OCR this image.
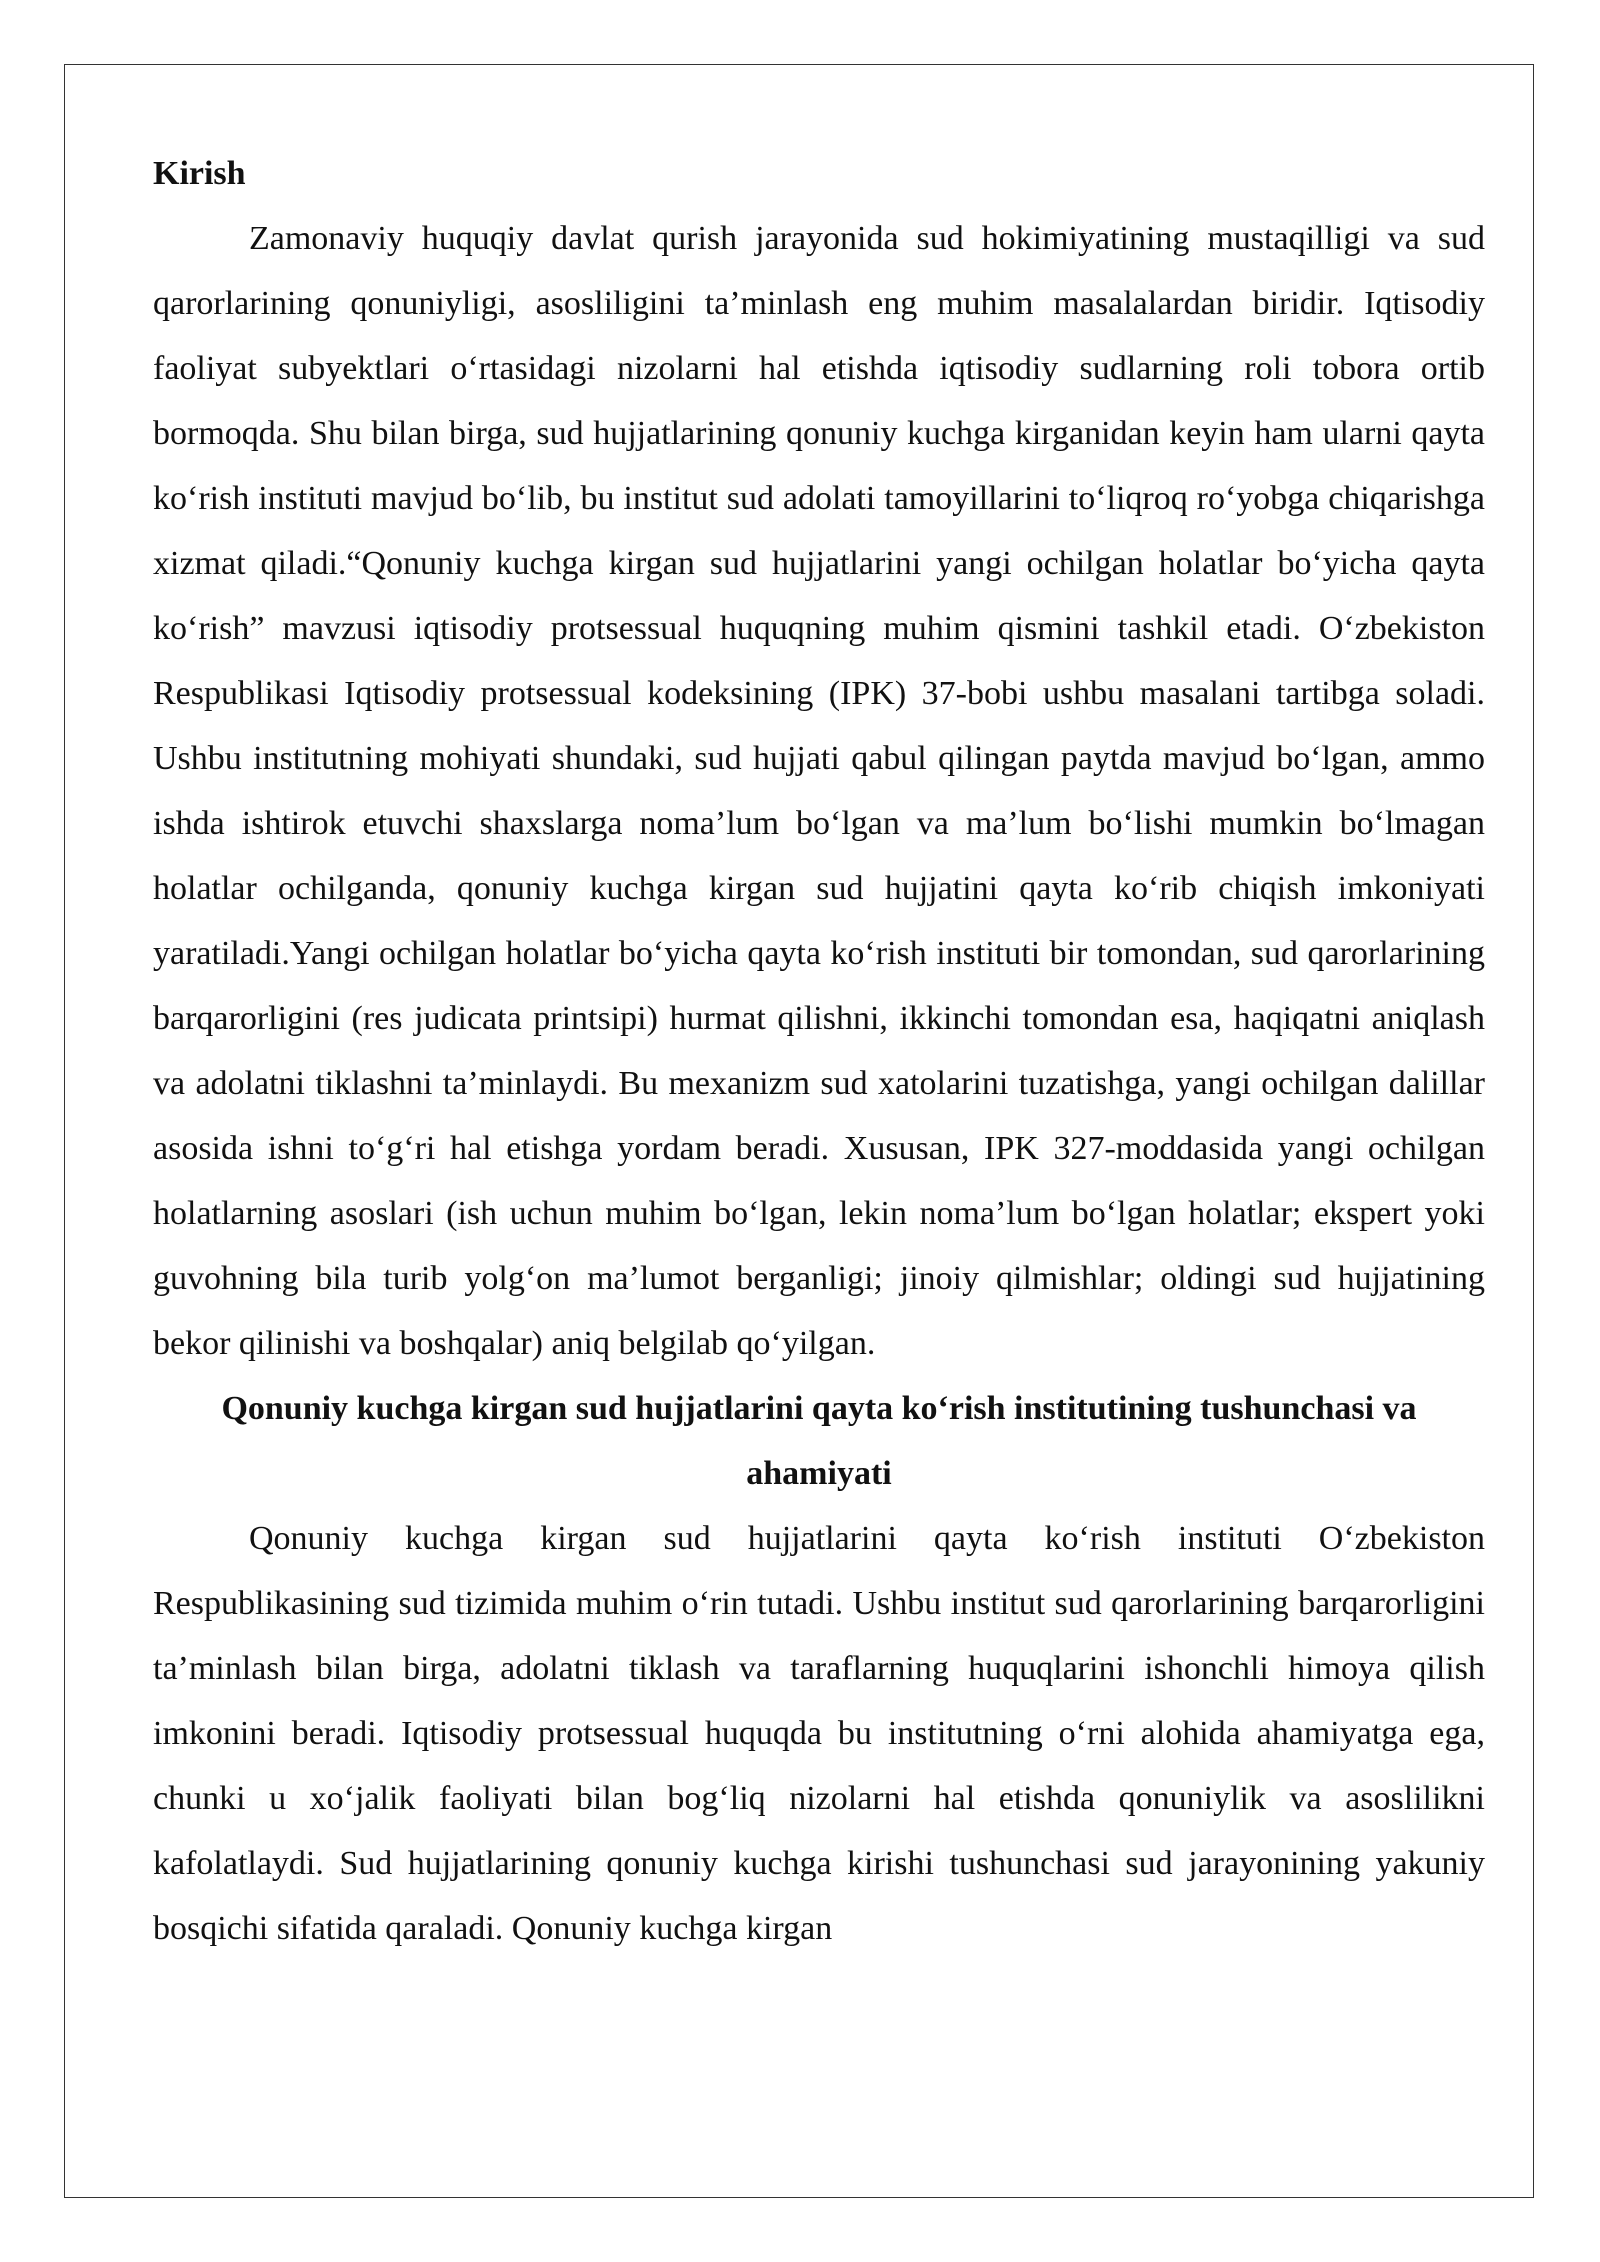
Kirish

Zamonaviy huquqiy davlat qurish jarayonida sud hokimiyatining mustaqilligi va sud qarorlarining qonuniyligi, asosliligini ta’minlash eng muhim masalalardan biridir. Iqtisodiy faoliyat subyektlari o‘rtasidagi nizolarni hal etishda iqtisodiy sudlarning roli tobora ortib bormoqda. Shu bilan birga, sud hujjatlarining qonuniy kuchga kirganidan keyin ham ularni qayta ko‘rish instituti mavjud bo‘lib, bu institut sud adolati tamoyillarini to‘liqroq ro‘yobga chiqarishga xizmat qiladi.“Qonuniy kuchga kirgan sud hujjatlarini yangi ochilgan holatlar bo‘yicha qayta ko‘rish” mavzusi iqtisodiy protsessual huquqning muhim qismini tashkil etadi. O‘zbekiston Respublikasi Iqtisodiy protsessual kodeksining (IPK) 37-bobi ushbu masalani tartibga soladi. Ushbu institutning mohiyati shundaki, sud hujjati qabul qilingan paytda mavjud bo‘lgan, ammo ishda ishtirok etuvchi shaxslarga noma’lum bo‘lgan va ma’lum bo‘lishi mumkin bo‘lmagan holatlar ochilganda, qonuniy kuchga kirgan sud hujjatini qayta ko‘rib chiqish imkoniyati yaratiladi.Yangi ochilgan holatlar bo‘yicha qayta ko‘rish instituti bir tomondan, sud qarorlarining barqarorligini (res judicata printsipi) hurmat qilishni, ikkinchi tomondan esa, haqiqatni aniqlash va adolatni tiklashni ta’minlaydi. Bu mexanizm sud xatolarini tuzatishga, yangi ochilgan dalillar asosida ishni to‘g‘ri hal etishga yordam beradi. Xususan, IPK 327-moddasida yangi ochilgan holatlarning asoslari (ish uchun muhim bo‘lgan, lekin noma’lum bo‘lgan holatlar; ekspert yoki guvohning bila turib yolg‘on ma’lumot berganligi; jinoiy qilmishlar; oldingi sud hujjatining bekor qilinishi va boshqalar) aniq belgilab qo‘yilgan.

Qonuniy kuchga kirgan sud hujjatlarini qayta ko‘rish institutining tushunchasi va ahamiyati

Qonuniy kuchga kirgan sud hujjatlarini qayta ko‘rish instituti O‘zbekiston Respublikasining sud tizimida muhim o‘rin tutadi. Ushbu institut sud qarorlarining barqarorligini ta’minlash bilan birga, adolatni tiklash va taraflarning huquqlarini ishonchli himoya qilish imkonini beradi. Iqtisodiy protsessual huquqda bu institutning o‘rni alohida ahamiyatga ega, chunki u xo‘jalik faoliyati bilan bog‘liq nizolarni hal etishda qonuniylik va asoslilikni kafolatlaydi. Sud hujjatlarining qonuniy kuchga kirishi tushunchasi sud jarayonining yakuniy bosqichi sifatida qaraladi. Qonuniy kuchga kirgan
